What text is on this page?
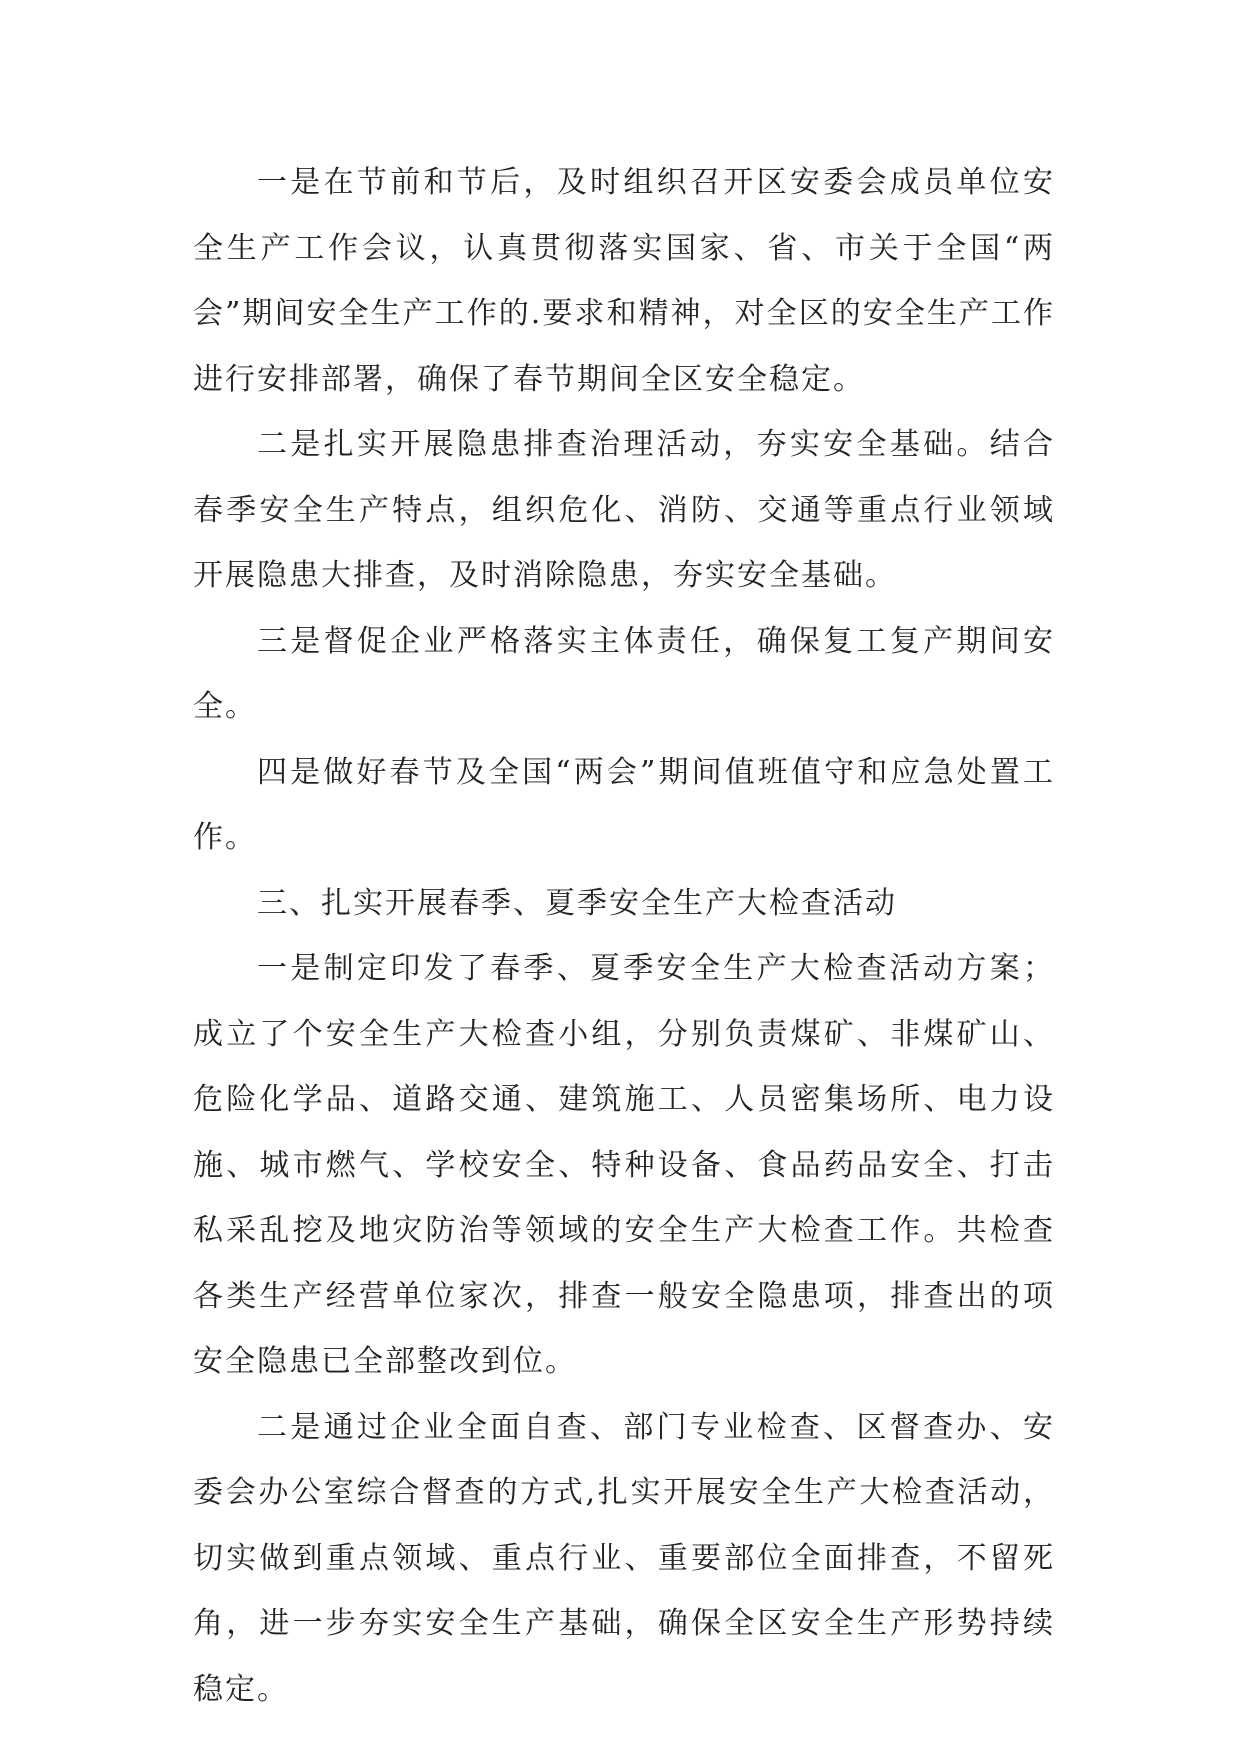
一是在节前和节后，及时组织召开区安委会成员单位安全生产工作会议，认真贯彻落实国家、省、市关于全国“两会”期间安全生产工作的.要求和精神，对全区的安全生产工作进行安排部署，确保了春节期间全区安全稳定。

二是扎实开展隐患排查治理活动，夯实安全基础。结合春季安全生产特点，组织危化、消防、交通等重点行业领域开展隐患大排查，及时消除隐患，夯实安全基础。

三是督促企业严格落实主体责任，确保复工复产期间安全。

四是做好春节及全国“两会”期间值班值守和应急处置工作。

三、扎实开展春季、夏季安全生产大检查活动

一是制定印发了春季、夏季安全生产大检查活动方案；成立了个安全生产大检查小组，分别负责煤矿、非煤矿山、危险化学品、道路交通、建筑施工、人员密集场所、电力设施、城市燃气、学校安全、特种设备、食品药品安全、打击私采乱挖及地灾防治等领域的安全生产大检查工作。共检查各类生产经营单位家次，排查一般安全隐患项，排查出的项安全隐患已全部整改到位。

二是通过企业全面自查、部门专业检查、区督查办、安委会办公室综合督查的方式,扎实开展安全生产大检查活动，切实做到重点领域、重点行业、重要部位全面排查，不留死角，进一步夯实安全生产基础，确保全区安全生产形势持续稳定。
